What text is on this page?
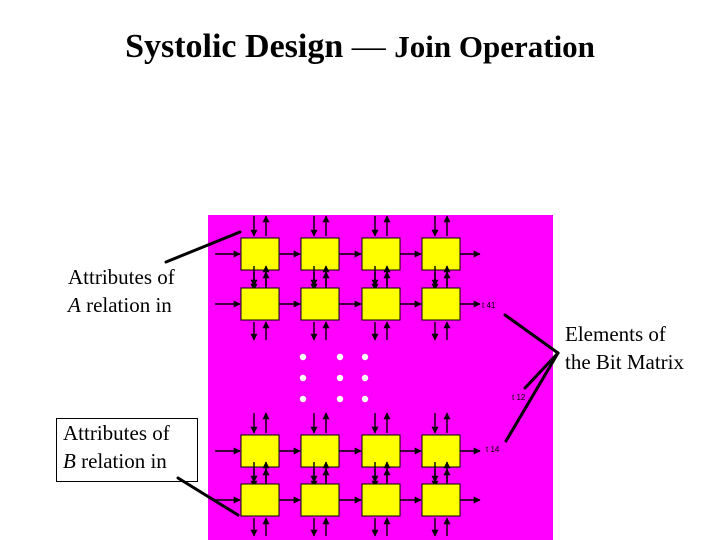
Systolic Design — Join Operation
t 41
t 12
t 14
Attributes of
A relation in
Attributes of
B relation in
Elements of
the Bit Matrix
